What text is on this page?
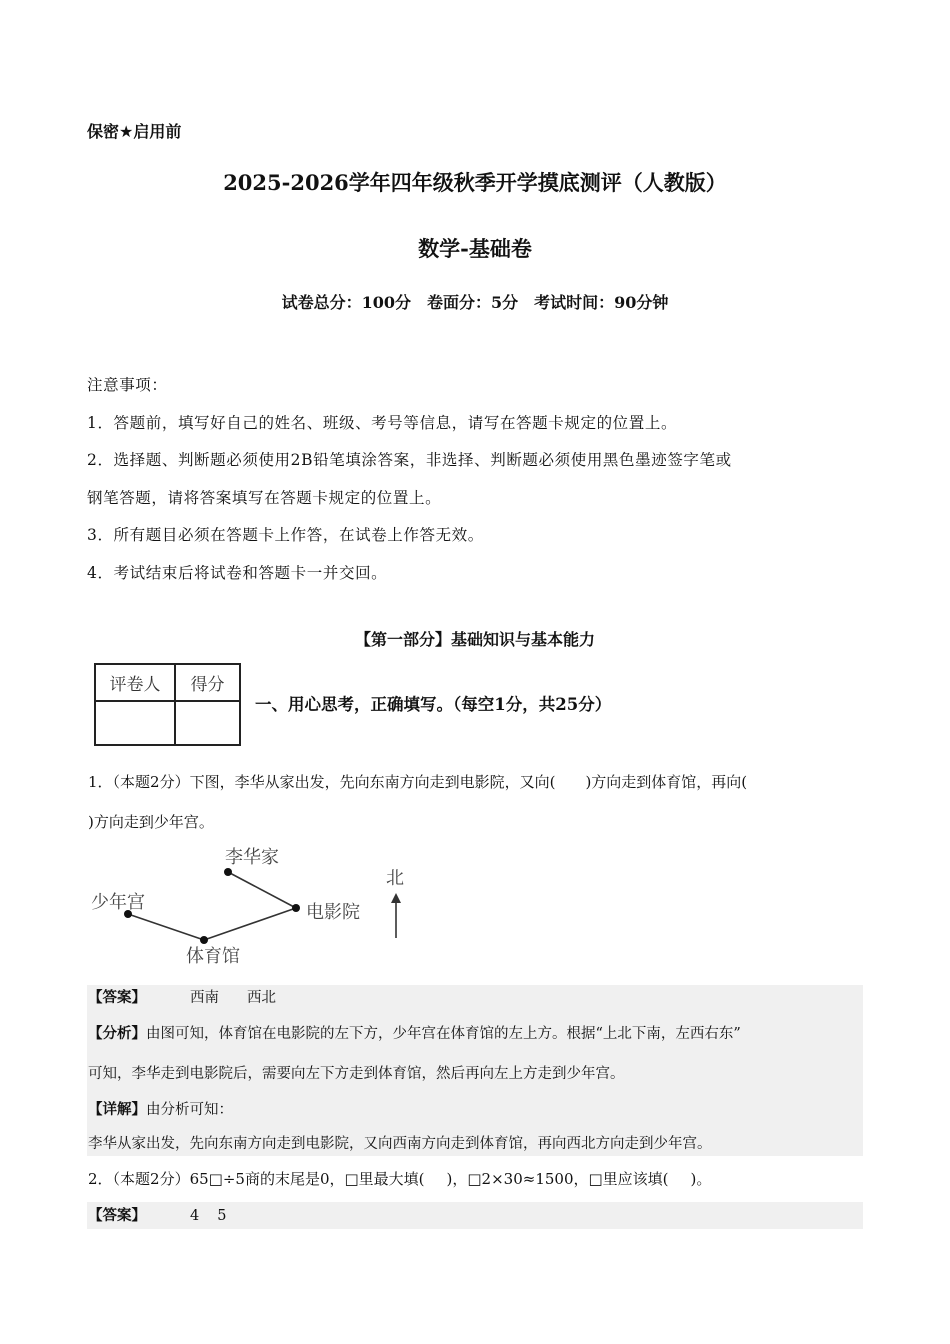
保密★启用前
2025-2026学年四年级秋季开学摸底测评（人教版）
数学-基础卷
试卷总分：100分　卷面分：5分　考试时间：90分钟
注意事项：
1．答题前，填写好自己的姓名、班级、考号等信息，请写在答题卡规定的位置上。
2．选择题、判断题必须使用2B铅笔填涂答案，非选择、判断题必须使用黑色墨迹签字笔或
钢笔答题，请将答案填写在答题卡规定的位置上。
3．所有题目必须在答题卡上作答，在试卷上作答无效。
4．考试结束后将试卷和答题卡一并交回。
【第一部分】基础知识与基本能力
评卷人	得分

一、用心思考，正确填写。（每空1分，共25分）
1．（本题2分）下图，李华从家出发，先向东南方向走到电影院，又向( )方向走到体育馆，再向(
)方向走到少年宫。
李华家
电影院
体育馆
少年宫
北
【答案】	西南 西北
【分析】由图可知，体育馆在电影院的左下方，少年宫在体育馆的左上方。根据“上北下南，左西右东”
可知，李华走到电影院后，需要向左下方走到体育馆，然后再向左上方走到少年宫。
【详解】由分析可知：
李华从家出发，先向东南方向走到电影院，又向西南方向走到体育馆，再向西北方向走到少年宫。
2．（本题2分）65□÷5商的末尾是0，□里最大填( )，□2×30≈1500，□里应该填( )。
【答案】	4 5
